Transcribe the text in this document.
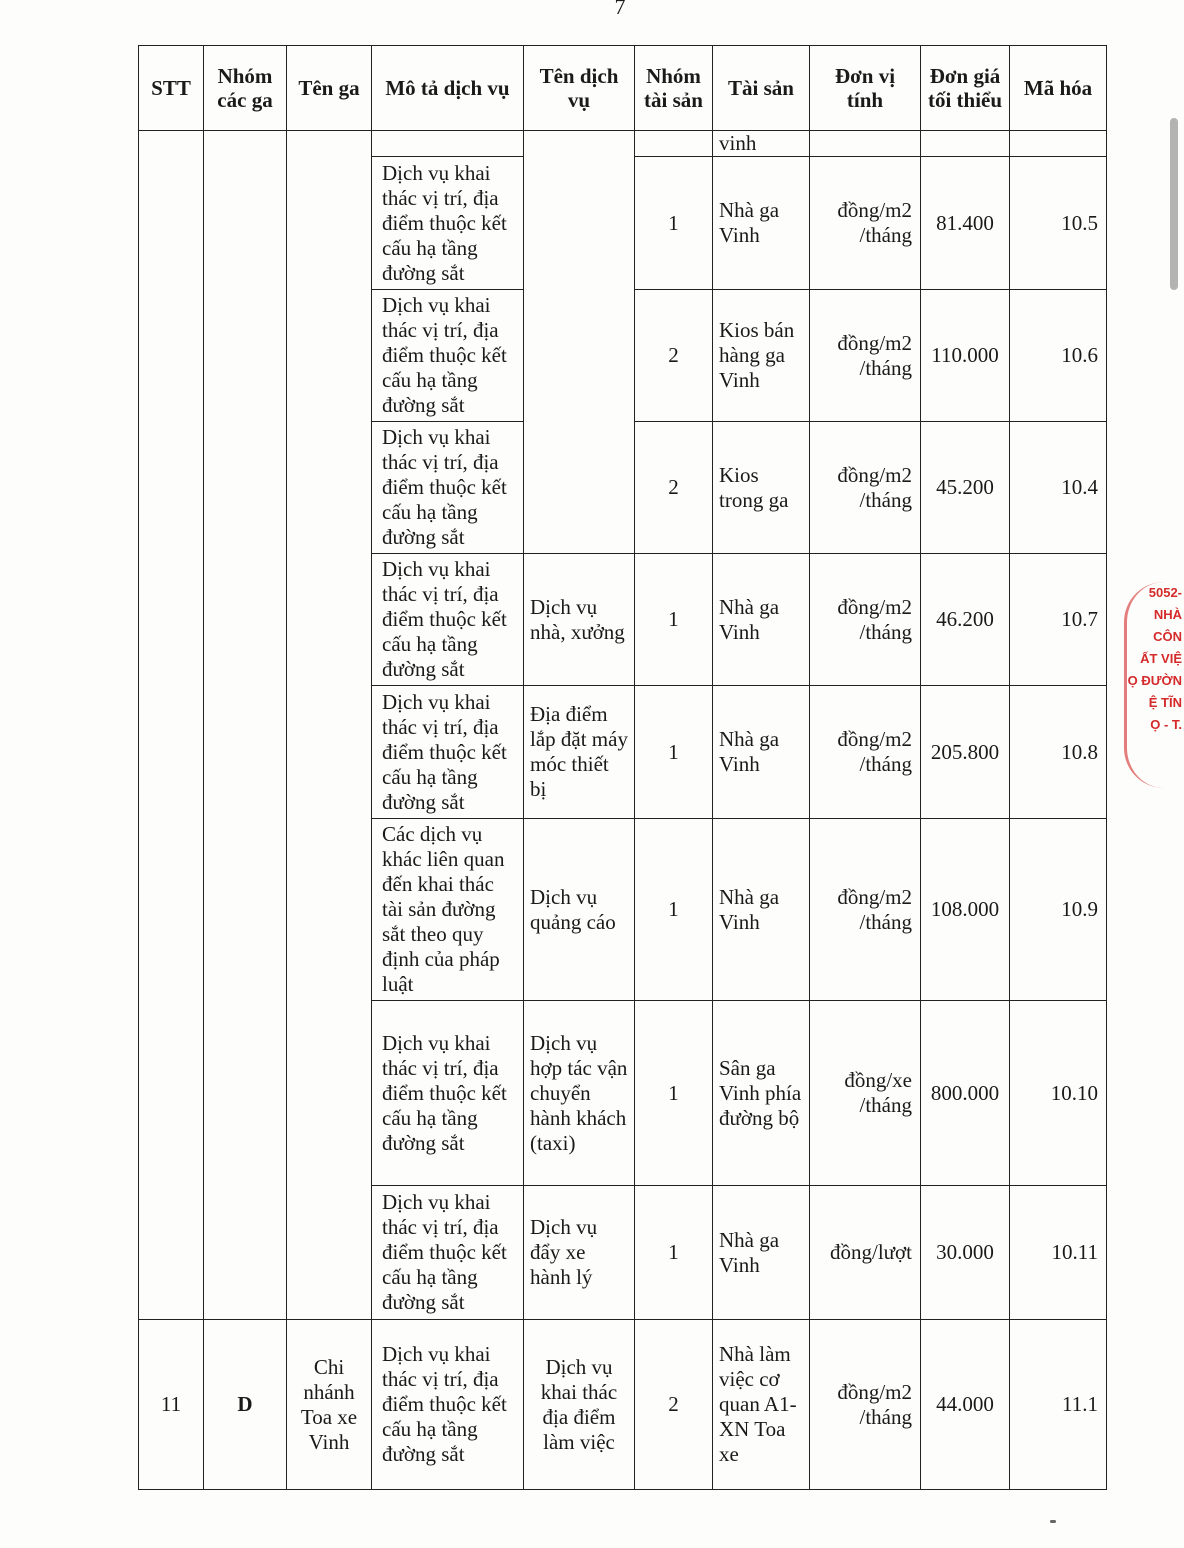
7
STT	Nhóm các ga	Tên ga	Mô tả dịch vụ	Tên dịch vụ	Nhóm tài sản	Tài sản	Đơn vị tính	Đơn giá tối thiểu	Mã hóa
						vinh			
			Dịch vụ khai thác vị trí, địa điểm thuộc kết cấu hạ tầng đường sắt		1	Nhà ga Vinh	đồng/m2 /tháng	81.400	10.5
			Dịch vụ khai thác vị trí, địa điểm thuộc kết cấu hạ tầng đường sắt		2	Kios bán hàng ga Vinh	đồng/m2 /tháng	110.000	10.6
			Dịch vụ khai thác vị trí, địa điểm thuộc kết cấu hạ tầng đường sắt		2	Kios trong ga	đồng/m2 /tháng	45.200	10.4
			Dịch vụ khai thác vị trí, địa điểm thuộc kết cấu hạ tầng đường sắt	Dịch vụ nhà, xưởng	1	Nhà ga Vinh	đồng/m2 /tháng	46.200	10.7
			Dịch vụ khai thác vị trí, địa điểm thuộc kết cấu hạ tầng đường sắt	Địa điểm lắp đặt máy móc thiết bị	1	Nhà ga Vinh	đồng/m2 /tháng	205.800	10.8
			Các dịch vụ khác liên quan đến khai thác tài sản đường sắt theo quy định của pháp luật	Dịch vụ quảng cáo	1	Nhà ga Vinh	đồng/m2 /tháng	108.000	10.9
			Dịch vụ khai thác vị trí, địa điểm thuộc kết cấu hạ tầng đường sắt	Dịch vụ hợp tác vận chuyển hành khách (taxi)	1	Sân ga Vinh phía đường bộ	đồng/xe /tháng	800.000	10.10
			Dịch vụ khai thác vị trí, địa điểm thuộc kết cấu hạ tầng đường sắt	Dịch vụ đẩy xe hành lý	1	Nhà ga Vinh	đồng/lượt	30.000	10.11
11	D	Chi nhánh Toa xe Vinh	Dịch vụ khai thác vị trí, địa điểm thuộc kết cấu hạ tầng đường sắt	Dịch vụ khai thác địa điểm làm việc	2	Nhà làm việc cơ quan A1- XN Toa xe	đồng/m2 /tháng	44.000	11.1
5052-
NHÀ
CÔN
ẤT VIỆ
Ọ ĐƯỜN
Ệ TĨN
Ọ - T.
